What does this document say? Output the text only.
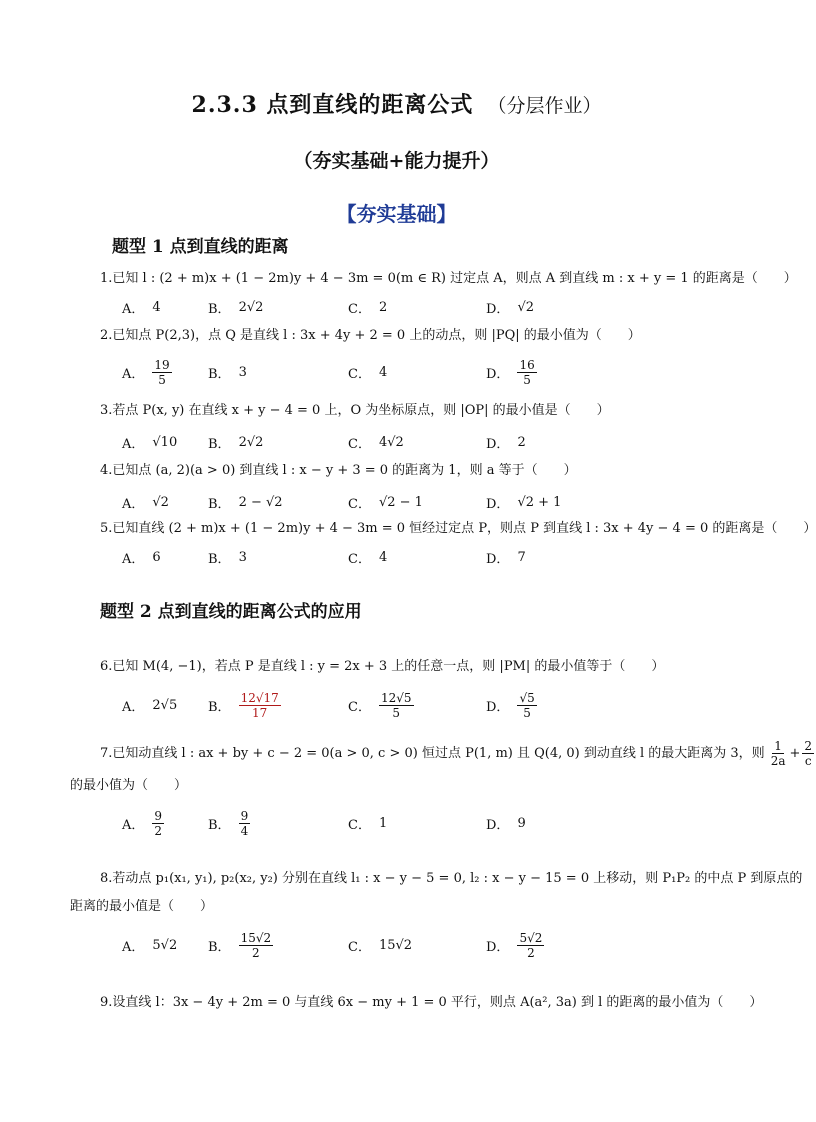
2.3.3 点到直线的距离公式 （分层作业）
（夯实基础+能力提升）
【夯实基础】
题型 1 点到直线的距离
1.已知 l : (2 + m)x + (1 − 2m)y + 4 − 3m = 0(m ∈ R) 过定点 A，则点 A 到直线 m : x + y = 1 的距离是（　　）
A． 4	B． 2√2	C． 2	D． √2
2.已知点 P(2,3)，点 Q 是直线 l : 3x + 4y + 2 = 0 上的动点，则 |PQ| 的最小值为（　　）
A． $\frac{19}{5}$	B． 3	C． 4	D． $\frac{16}{5}$
3.若点 P(x, y) 在直线 x + y − 4 = 0 上，O 为坐标原点，则 |OP| 的最小值是（　　）
A． √10 B． 2√2	C． 4√2	D． 2
4.已知点 (a, 2)(a > 0) 到直线 l : x − y + 3 = 0 的距离为 1，则 a 等于（　　）
A． √2	B． 2 − √2	C． √2 − 1	D． √2 + 1
5.已知直线 (2 + m)x + (1 − 2m)y + 4 − 3m = 0 恒经过定点 P，则点 P 到直线 l : 3x + 4y − 4 = 0 的距离是（　　）
A． 6	B． 3	C． 4	D． 7
题型 2 点到直线的距离公式的应用
6.已知 M(4, −1)，若点 P 是直线 l : y = 2x + 3 上的任意一点，则 |PM| 的最小值等于（　　）
A． 2√5 B． $\frac{12√17}{17}$	C． $\frac{12√5}{5}$	D． $\frac{√5}{5}$
7.已知动直线 l : ax + by + c − 2 = 0(a > 0, c > 0) 恒过点 P(1, m) 且 Q(4, 0) 到动直线 l 的最大距离为 3，则 $\frac{1}{2a} + \frac{2}{c}$
的最小值为（　　）
A． $\frac{9}{2}$	B． $\frac{9}{4}$	C． 1	D． 9
8.若动点 p₁(x₁, y₁), p₂(x₂, y₂) 分别在直线 l₁ : x − y − 5 = 0, l₂ : x − y − 15 = 0 上移动，则 P₁P₂ 的中点 P 到原点的
距离的最小值是（　　）
A． 5√2 B． $\frac{15√2}{2}$	C． 15√2	D． $\frac{5√2}{2}$
9.设直线 l：3x − 4y + 2m = 0 与直线 6x − my + 1 = 0 平行，则点 A(a², 3a) 到 l 的距离的最小值为（　　）
